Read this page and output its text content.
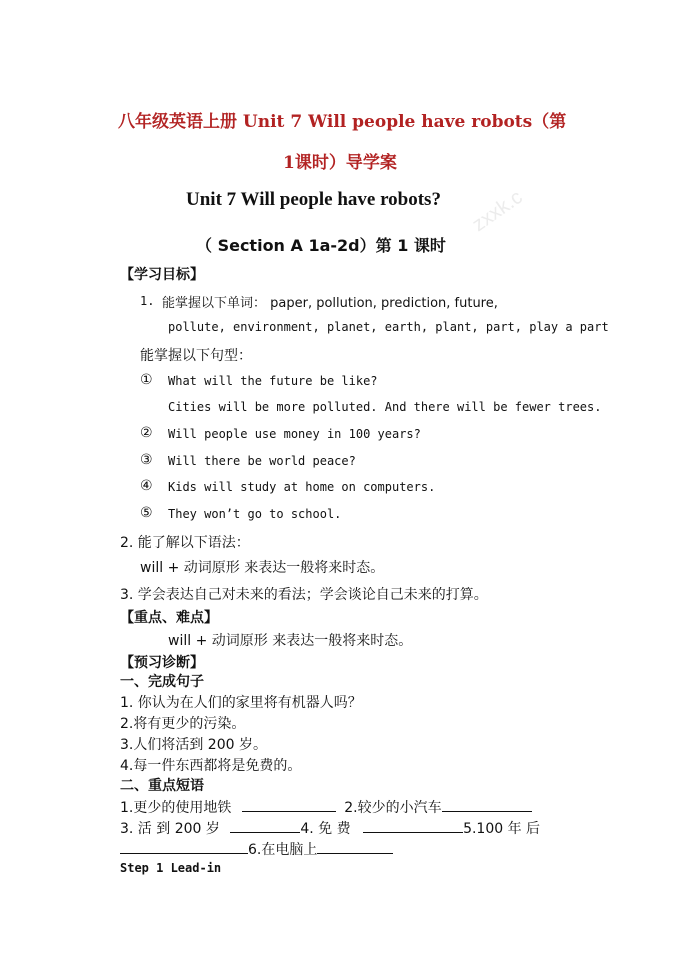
zxxk.c
八年级英语上册 Unit 7 Will people have robots（第
1课时）导学案
Unit 7 Will people have robots?
（ Section A 1a-2d）第 1 课时
【学习目标】
1. 能掌握以下单词： paper, pollution, prediction, future,
pollute, environment, planet, earth, plant, part, play a part
能掌握以下句型：
① What will the future be like?
Cities will be more polluted. And there will be fewer trees.
② Will people use money in 100 years?
③ Will there be world peace?
④ Kids will study at home on computers.
⑤ They won’t go to school.
2. 能了解以下语法：
will + 动词原形 来表达一般将来时态。
3. 学会表达自己对未来的看法；学会谈论自己未来的打算。
【重点、难点】
will + 动词原形 来表达一般将来时态。
【预习诊断】
一、完成句子
1. 你认为在人们的家里将有机器人吗？
2.将有更少的污染。
3.人们将活到 200 岁。
4.每一件东西都将是免费的。
二、重点短语
1.更少的使用地铁	2.较少的小汽车
3. 活 到 200 岁	4. 免 费	5.100 年 后
6.在电脑上
Step 1 Lead-in
